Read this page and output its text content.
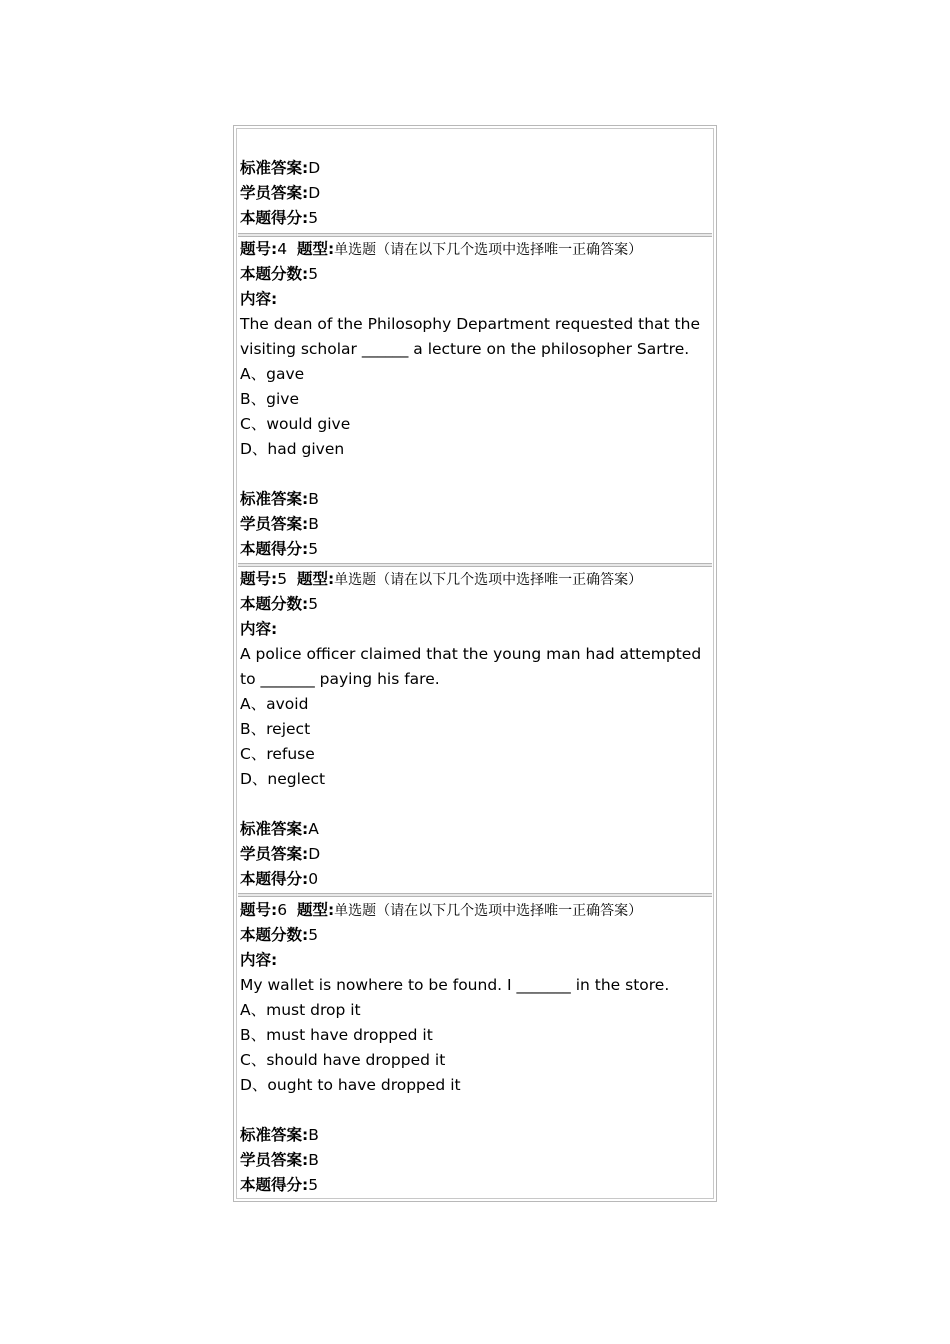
标准答案:D
学员答案:D
本题得分:5
题号:4 题型:单选题（请在以下几个选项中选择唯一正确答案）
本题分数:5
内容:
The dean of the Philosophy Department requested that the
visiting scholar ______ a lecture on the philosopher Sartre.
A、gave
B、give
C、would give
D、had given
标准答案:B
学员答案:B
本题得分:5
题号:5 题型:单选题（请在以下几个选项中选择唯一正确答案）
本题分数:5
内容:
A police officer claimed that the young man had attempted
to _______ paying his fare.
A、avoid
B、reject
C、refuse
D、neglect
标准答案:A
学员答案:D
本题得分:0
题号:6 题型:单选题（请在以下几个选项中选择唯一正确答案）
本题分数:5
内容:
My wallet is nowhere to be found. I _______ in the store.
A、must drop it
B、must have dropped it
C、should have dropped it
D、ought to have dropped it
标准答案:B
学员答案:B
本题得分:5
